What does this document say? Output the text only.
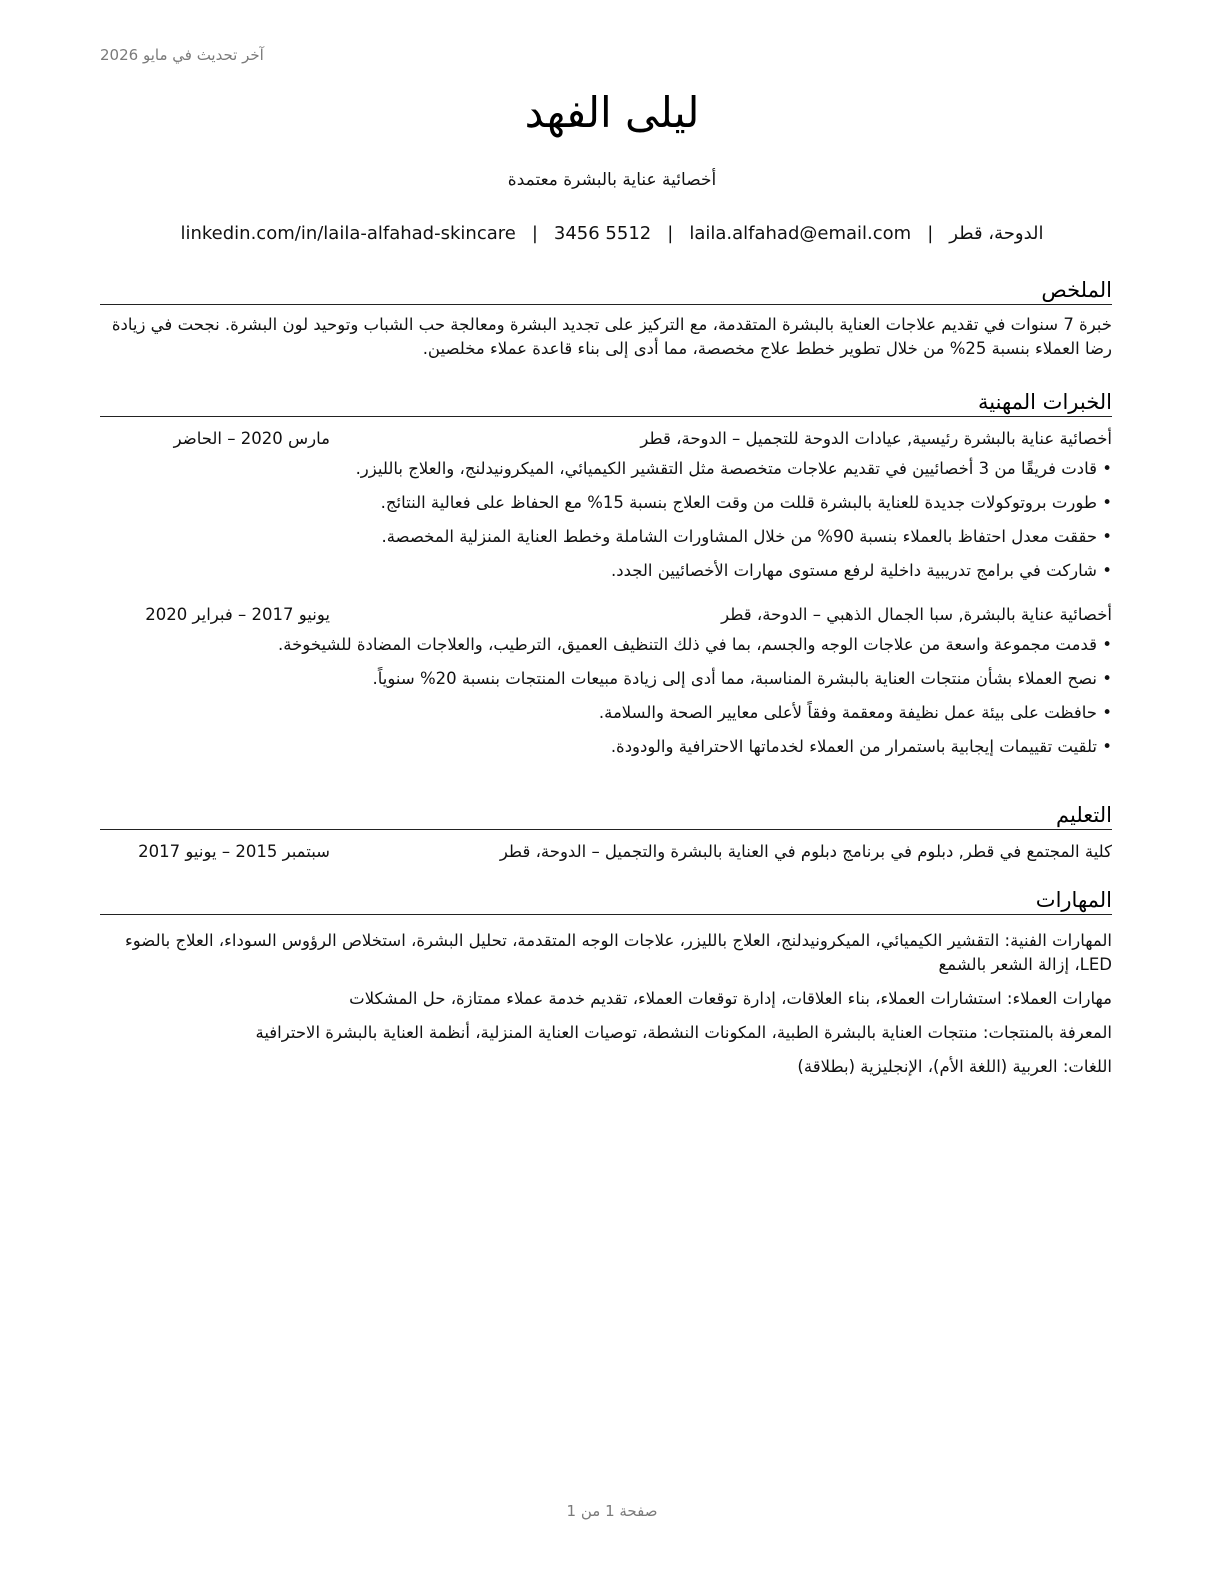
آخر تحديث في مايو 2026
ليلى الفهد
أخصائية عناية بالبشرة معتمدة
الدوحة، قطر|laila.alfahad@email.com|3456 5512|linkedin.com/in/laila-alfahad-skincare
الملخص

خبرة 7 سنوات في تقديم علاجات العناية بالبشرة المتقدمة، مع التركيز على تجديد البشرة ومعالجة حب الشباب وتوحيد لون البشرة. نجحت في زيادة رضا العملاء بنسبة 25% من خلال تطوير خطط علاج مخصصة، مما أدى إلى بناء قاعدة عملاء مخلصين.

الخبرات المهنية
أخصائية عناية بالبشرة رئيسية, عيادات الدوحة للتجميل – الدوحة، قطر
مارس 2020 – الحاضر
• قادت فريقًا من 3 أخصائيين في تقديم علاجات متخصصة مثل التقشير الكيميائي، الميكرونيدلنج، والعلاج بالليزر.
• طورت بروتوكولات جديدة للعناية بالبشرة قللت من وقت العلاج بنسبة 15% مع الحفاظ على فعالية النتائج.
• حققت معدل احتفاظ بالعملاء بنسبة 90% من خلال المشاورات الشاملة وخطط العناية المنزلية المخصصة.
• شاركت في برامج تدريبية داخلية لرفع مستوى مهارات الأخصائيين الجدد.
أخصائية عناية بالبشرة, سبا الجمال الذهبي – الدوحة، قطر
يونيو 2017 – فبراير 2020
• قدمت مجموعة واسعة من علاجات الوجه والجسم، بما في ذلك التنظيف العميق، الترطيب، والعلاجات المضادة للشيخوخة.
• نصح العملاء بشأن منتجات العناية بالبشرة المناسبة، مما أدى إلى زيادة مبيعات المنتجات بنسبة 20% سنوياً.
• حافظت على بيئة عمل نظيفة ومعقمة وفقاً لأعلى معايير الصحة والسلامة.
• تلقيت تقييمات إيجابية باستمرار من العملاء لخدماتها الاحترافية والودودة.
التعليم
كلية المجتمع في قطر, دبلوم في برنامج دبلوم في العناية بالبشرة والتجميل – الدوحة، قطر
سبتمبر 2015 – يونيو 2017
المهارات
المهارات الفنية: التقشير الكيميائي، الميكرونيدلنج، العلاج بالليزر، علاجات الوجه المتقدمة، تحليل البشرة، استخلاص الرؤوس السوداء، العلاج بالضوء LED، إزالة الشعر بالشمع
مهارات العملاء: استشارات العملاء، بناء العلاقات، إدارة توقعات العملاء، تقديم خدمة عملاء ممتازة، حل المشكلات
المعرفة بالمنتجات: منتجات العناية بالبشرة الطبية، المكونات النشطة، توصيات العناية المنزلية، أنظمة العناية بالبشرة الاحترافية
اللغات: العربية (اللغة الأم)، الإنجليزية (بطلاقة)
صفحة 1 من 1
